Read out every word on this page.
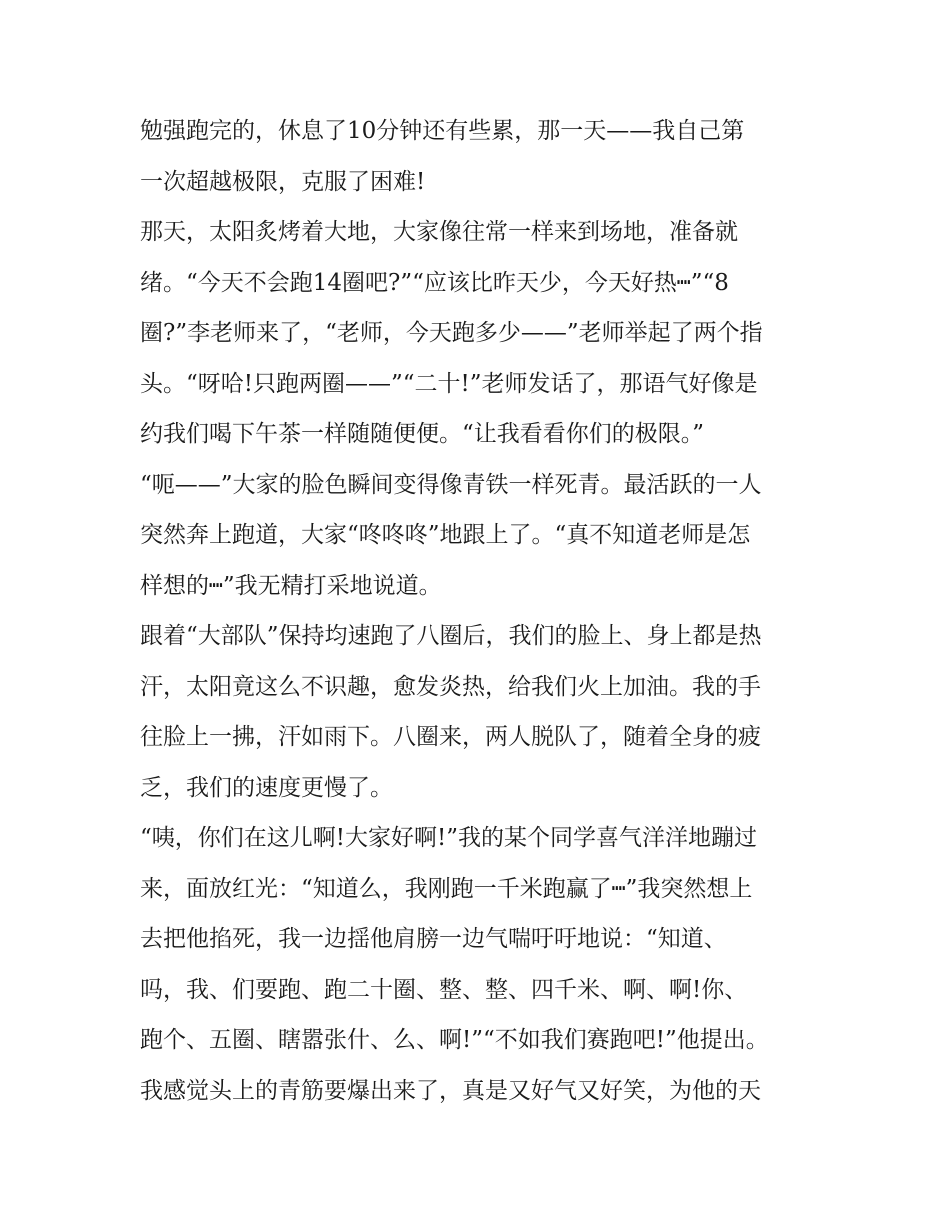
勉强跑完的，休息了10分钟还有些累，那一天——我自己第
一次超越极限，克服了困难!
那天，太阳炙烤着大地，大家像往常一样来到场地，准备就
绪。“今天不会跑14圈吧?”“应该比昨天少，今天好热┉”“8
圈?”李老师来了，“老师，今天跑多少——”老师举起了两个指
头。“呀哈!只跑两圈——”“二十!”老师发话了，那语气好像是
约我们喝下午茶一样随随便便。“让我看看你们的极限。”
“呃——”大家的脸色瞬间变得像青铁一样死青。最活跃的一人
突然奔上跑道，大家“咚咚咚”地跟上了。“真不知道老师是怎
样想的┉”我无精打采地说道。
跟着“大部队”保持均速跑了八圈后，我们的脸上、身上都是热
汗，太阳竟这么不识趣，愈发炎热，给我们火上加油。我的手
往脸上一拂，汗如雨下。八圈来，两人脱队了，随着全身的疲
乏，我们的速度更慢了。
“咦，你们在这儿啊!大家好啊!”我的某个同学喜气洋洋地蹦过
来，面放红光：“知道么，我刚跑一千米跑赢了┉”我突然想上
去把他掐死，我一边揺他肩膀一边气喘吁吁地说：“知道、
吗，我、们要跑、跑二十圈、整、整、四千米、啊、啊!你、
跑个、五圈、瞎嚣张什、么、啊!”“不如我们赛跑吧!”他提出。
我感觉头上的青筋要爆出来了，真是又好气又好笑，为他的天
